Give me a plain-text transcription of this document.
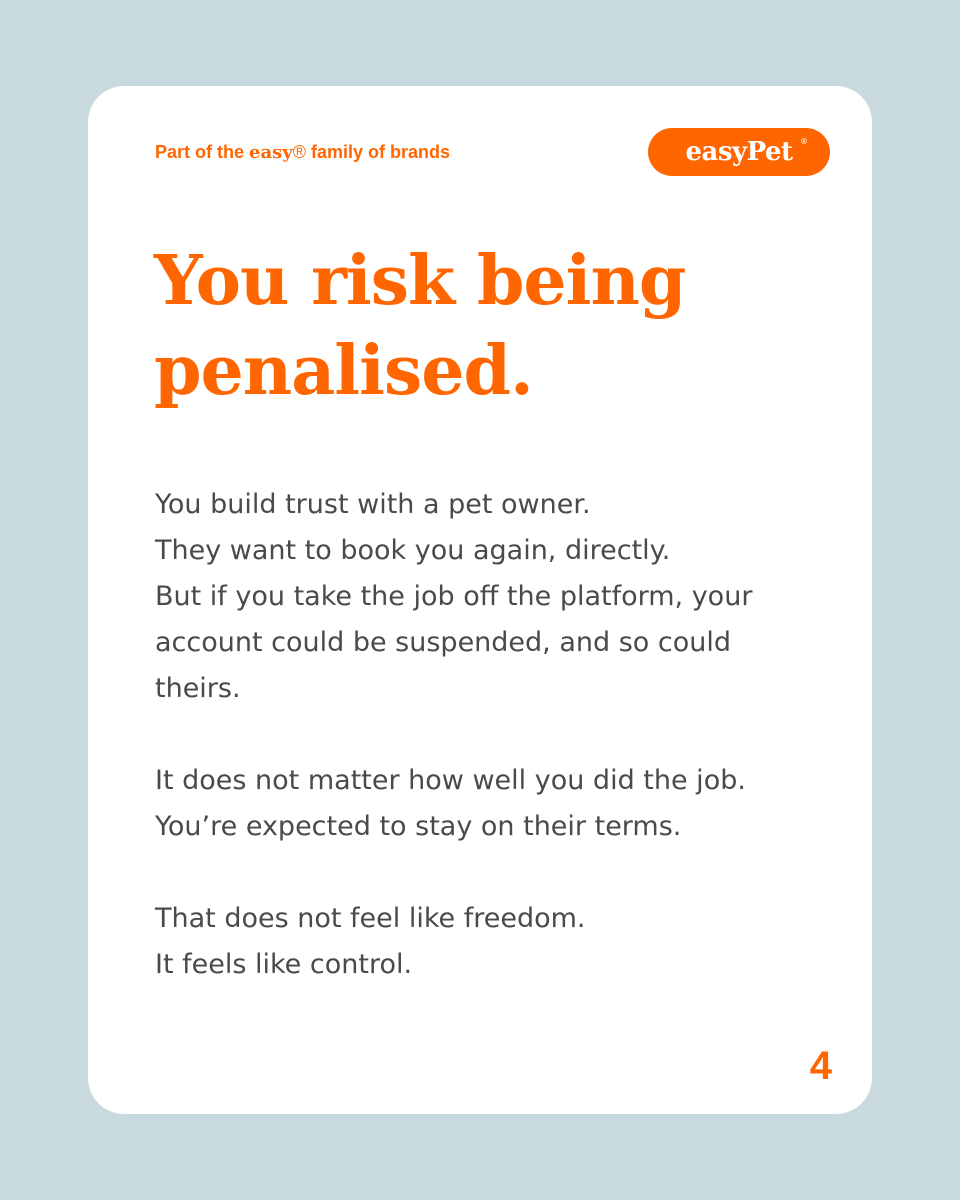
Part of the easy® family of brands	easyPet ®
You risk being penalised.

You build trust with a pet owner.
They want to book you again, directly.
But if you take the job off the platform, your
account could be suspended, and so could
theirs.

It does not matter how well you did the job.
You’re expected to stay on their terms.

That does not feel like freedom.
It feels like control.

4
